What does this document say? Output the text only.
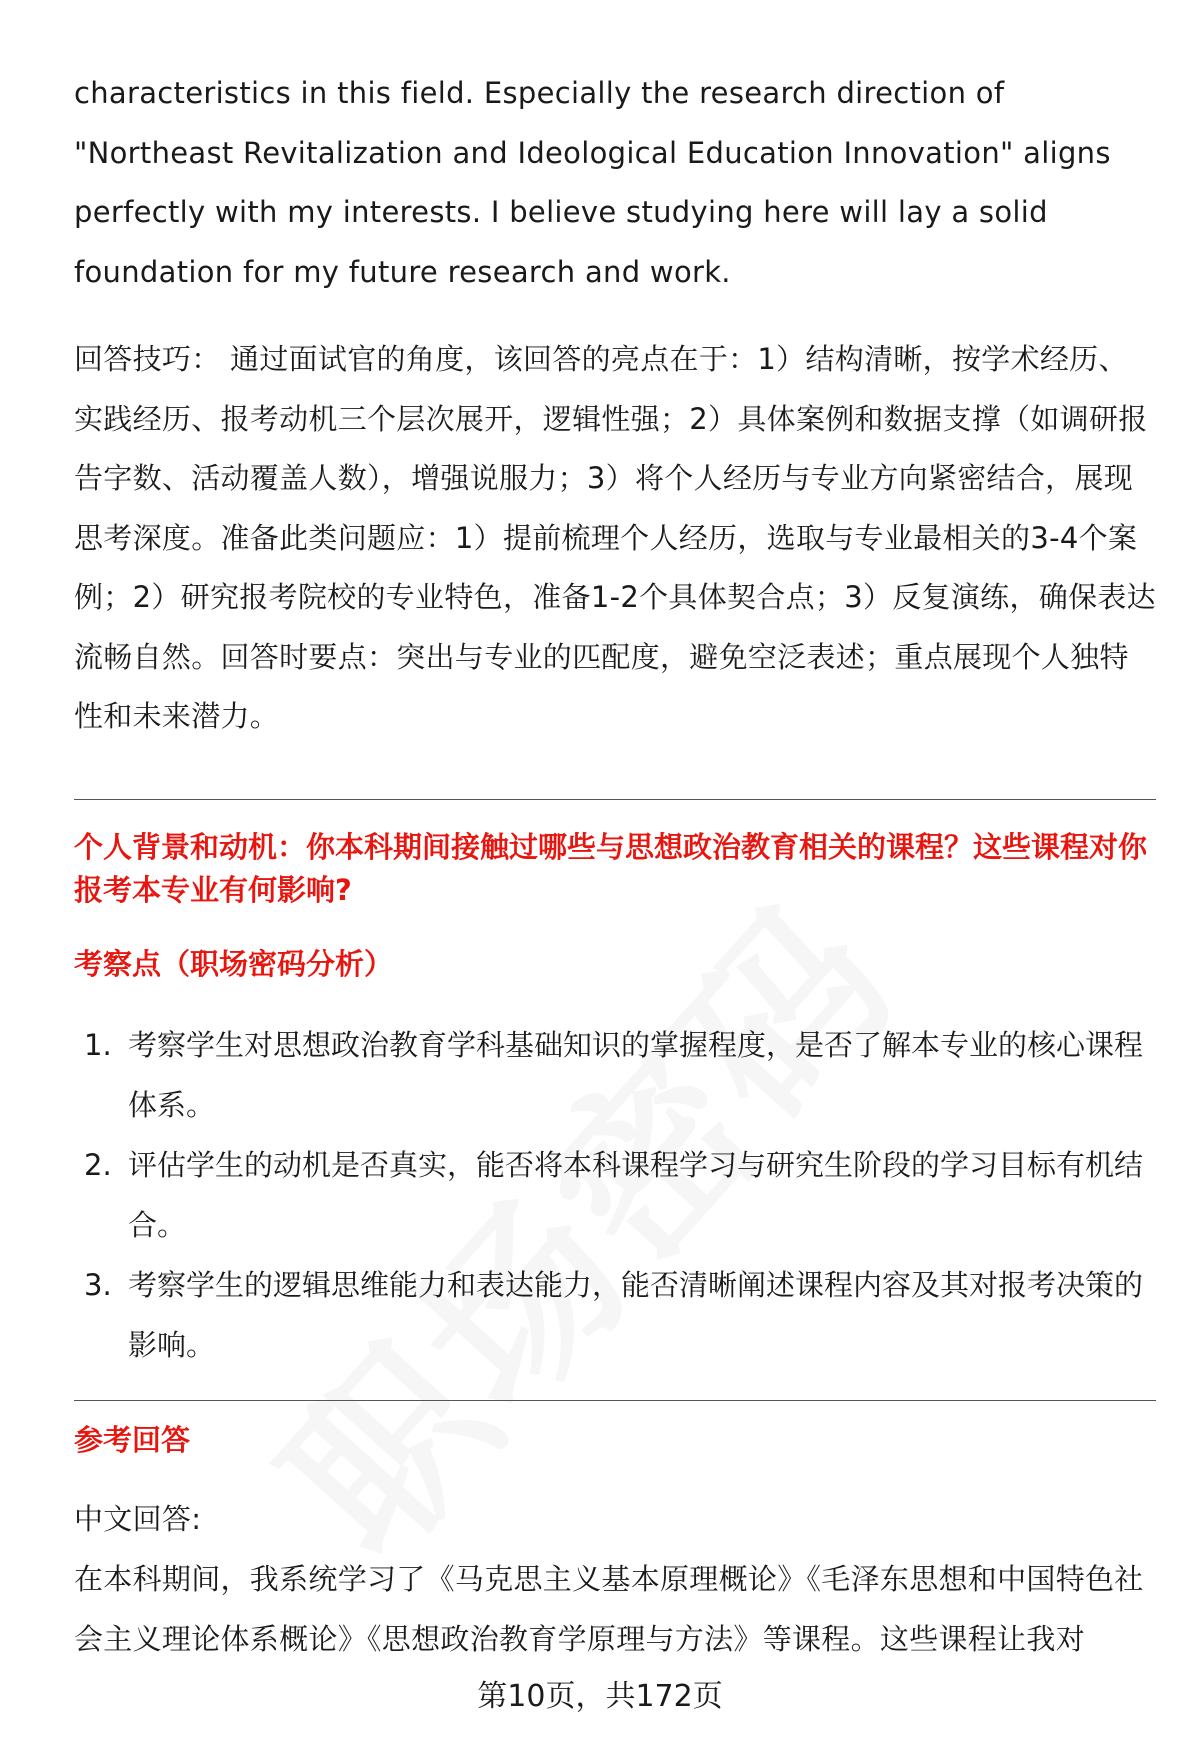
characteristics in this field. Especially the research direction of "Northeast Revitalization and Ideological Education Innovation" aligns perfectly with my interests. I believe studying here will lay a solid foundation for my future research and work.

回答技巧： 通过面试官的角度，该回答的亮点在于：1）结构清晰，按学术经历、实践经历、报考动机三个层次展开，逻辑性强；2）具体案例和数据支撑（如调研报告字数、活动覆盖人数），增强说服力；3）将个人经历与专业方向紧密结合，展现思考深度。准备此类问题应：1）提前梳理个人经历，选取与专业最相关的3-4个案例；2）研究报考院校的专业特色，准备1-2个具体契合点；3）反复演练，确保表达流畅自然。回答时要点：突出与专业的匹配度，避免空泛表述；重点展现个人独特性和未来潜力。

个人背景和动机：你本科期间接触过哪些与思想政治教育相关的课程？这些课程对你报考本专业有何影响?
考察点（职场密码分析）
1. 考察学生对思想政治教育学科基础知识的掌握程度，是否了解本专业的核心课程体系。
2. 评估学生的动机是否真实，能否将本科课程学习与研究生阶段的学习目标有机结合。
3. 考察学生的逻辑思维能力和表达能力，能否清晰阐述课程内容及其对报考决策的影响。
参考回答

中文回答:

在本科期间，我系统学习了《马克思主义基本原理概论》《毛泽东思想和中国特色社会主义理论体系概论》《思想政治教育学原理与方法》等课程。这些课程让我对

第10页，共172页
